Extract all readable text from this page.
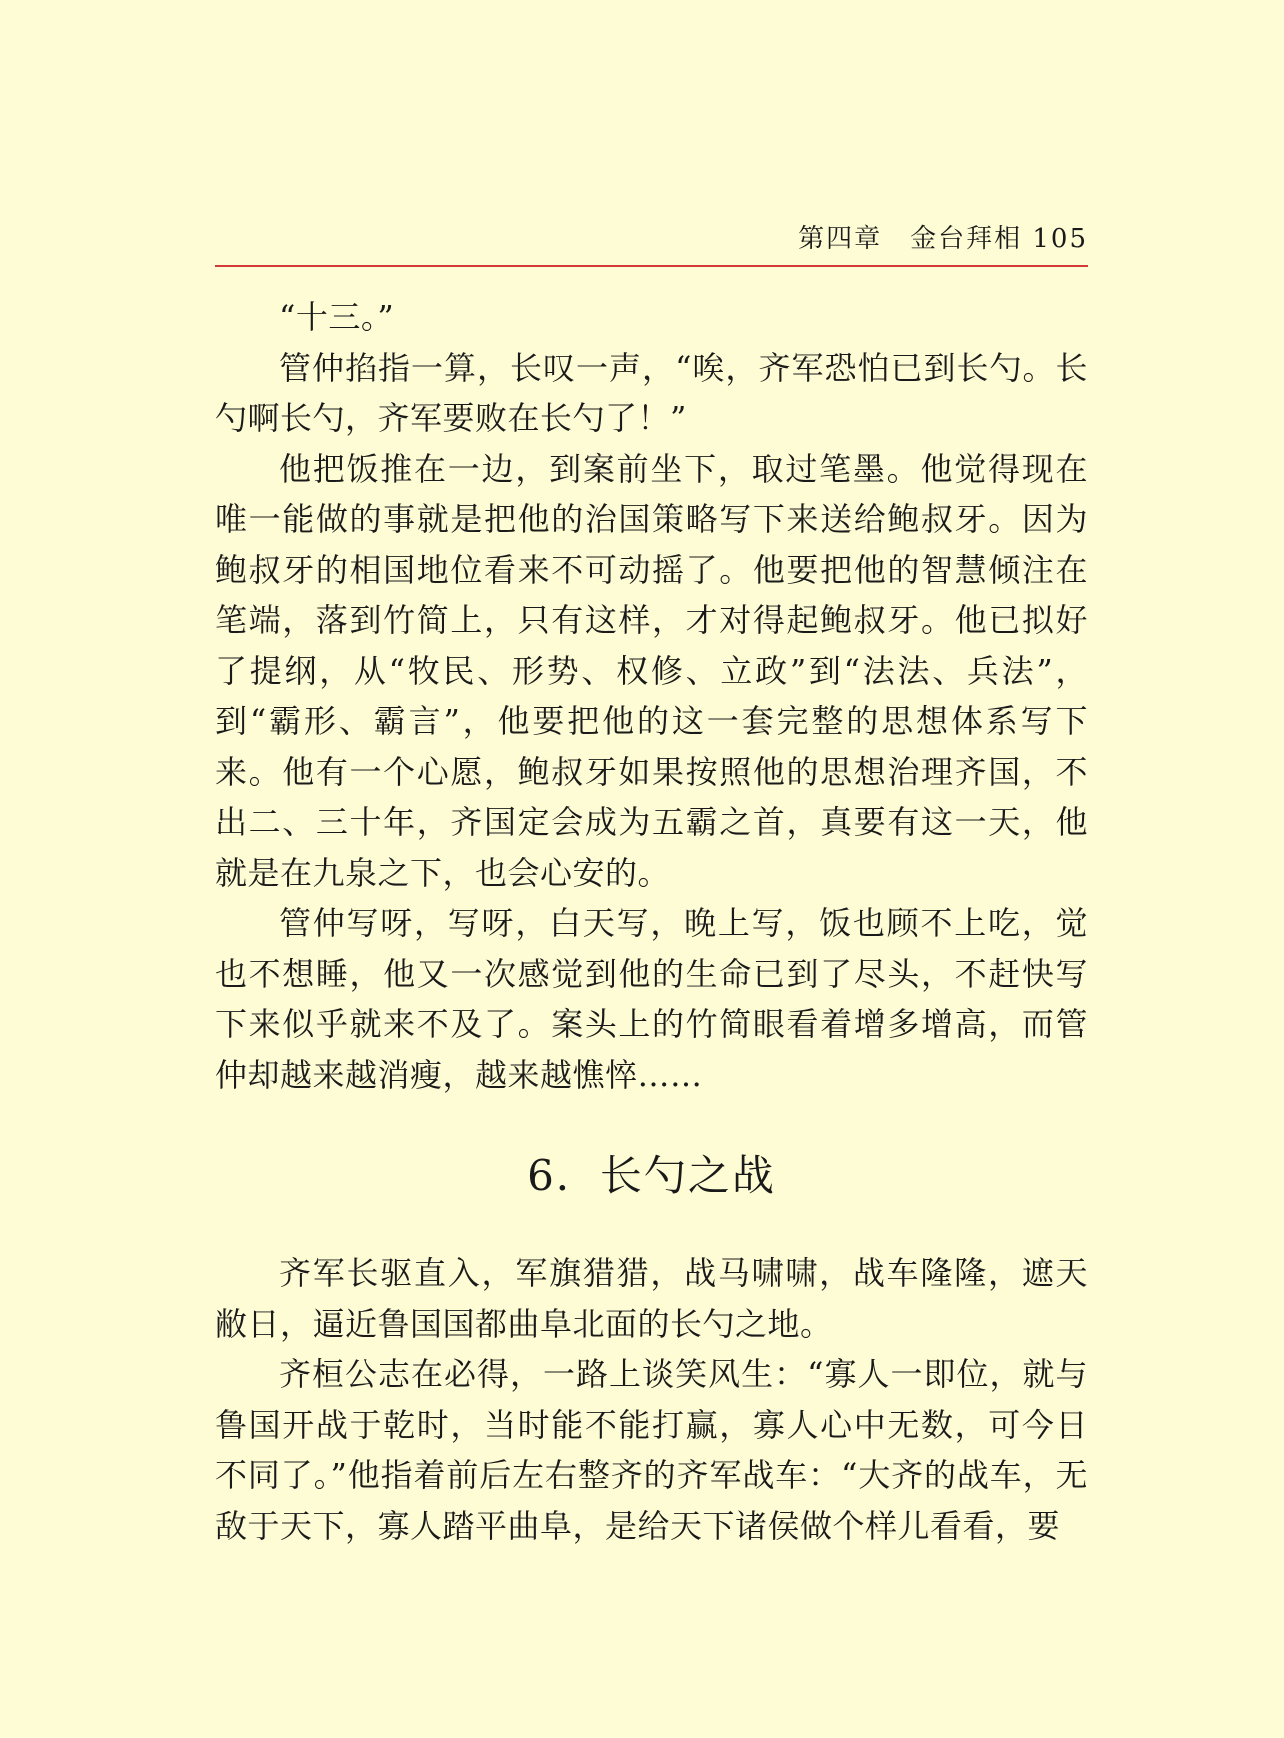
第四章 金台拜相 105

“十三。”

管仲掐指一算，长叹一声，“唉，齐军恐怕已到长勺。长勺啊长勺，齐军要败在长勺了！”

他把饭推在一边，到案前坐下，取过笔墨。他觉得现在唯一能做的事就是把他的治国策略写下来送给鲍叔牙。因为鲍叔牙的相国地位看来不可动摇了。他要把他的智慧倾注在笔端，落到竹简上，只有这样，才对得起鲍叔牙。他已拟好了提纲，从“牧民、形势、权修、立政”到“法法、兵法”，到“霸形、霸言”，他要把他的这一套完整的思想体系写下来。他有一个心愿，鲍叔牙如果按照他的思想治理齐国，不出二、三十年，齐国定会成为五霸之首，真要有这一天，他就是在九泉之下，也会心安的。

管仲写呀，写呀，白天写，晚上写，饭也顾不上吃，觉也不想睡，他又一次感觉到他的生命已到了尽头，不赶快写下来似乎就来不及了。案头上的竹简眼看着增多增高，而管仲却越来越消瘦，越来越憔悴……

6．长勺之战

齐军长驱直入，军旗猎猎，战马啸啸，战车隆隆，遮天敝日，逼近鲁国国都曲阜北面的长勺之地。

齐桓公志在必得，一路上谈笑风生：“寡人一即位，就与鲁国开战于乾时，当时能不能打赢，寡人心中无数，可今日不同了。”他指着前后左右整齐的齐军战车：“大齐的战车，无敌于天下，寡人踏平曲阜，是给天下诸侯做个样儿看看，要
